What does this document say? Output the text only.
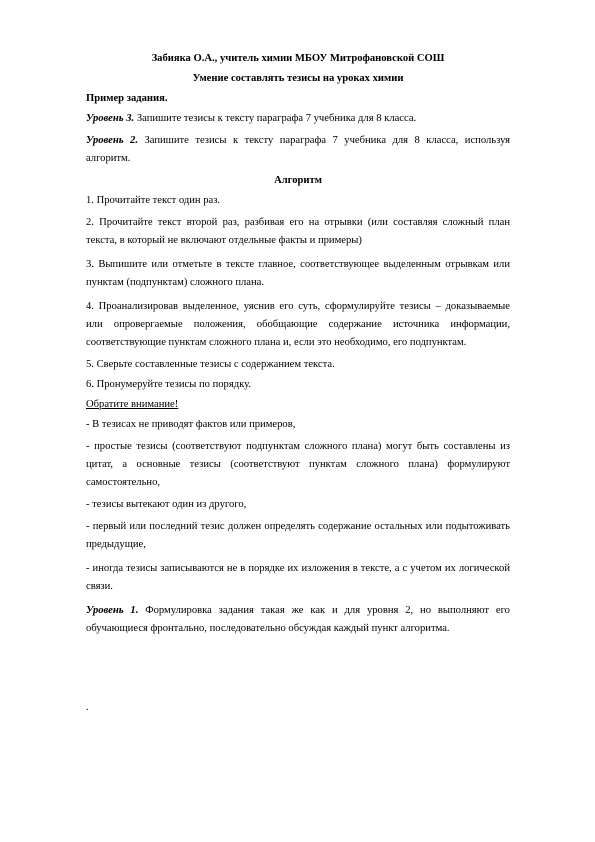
Забияка О.А., учитель химии МБОУ Митрофановской СОШ

Умение составлять тезисы на уроках химии

Пример задания.

Уровень 3. Запишите тезисы к тексту параграфа 7 учебника для 8 класса.

Уровень 2. Запишите тезисы к тексту параграфа 7 учебника для 8 класса, используя алгоритм.

Алгоритм

1. Прочитайте текст один раз.

2. Прочитайте текст второй раз, разбивая его на отрывки (или составляя сложный план текста, в который не включают отдельные факты и примеры)

3. Выпишите или отметьте в тексте главное, соответствующее выделенным отрывкам или пунктам (подпунктам) сложного плана.

4. Проанализировав выделенное, уяснив его суть, сформулируйте тезисы – доказываемые или опровергаемые положения, обобщающие содержание источника информации, соответствующие пунктам сложного плана и, если это необходимо, его подпунктам.

5. Сверьте составленные тезисы с содержанием текста.

6. Пронумеруйте тезисы по порядку.

Обратите внимание!

- В тезисах не приводят фактов или примеров,

- простые тезисы (соответствуют подпунктам сложного плана) могут быть составлены из цитат, а основные тезисы (соответствуют пунктам сложного плана) формулируют самостоятельно,

- тезисы вытекают один из другого,

- первый или последний тезис должен определять содержание остальных или подытоживать предыдущие,

- иногда тезисы записываются не в порядке их изложения в тексте, а с учетом их логической связи.

Уровень 1. Формулировка задания такая же как и для уровня 2, но выполняют его обучающиеся фронтально, последовательно обсуждая каждый пункт алгоритма.

.
